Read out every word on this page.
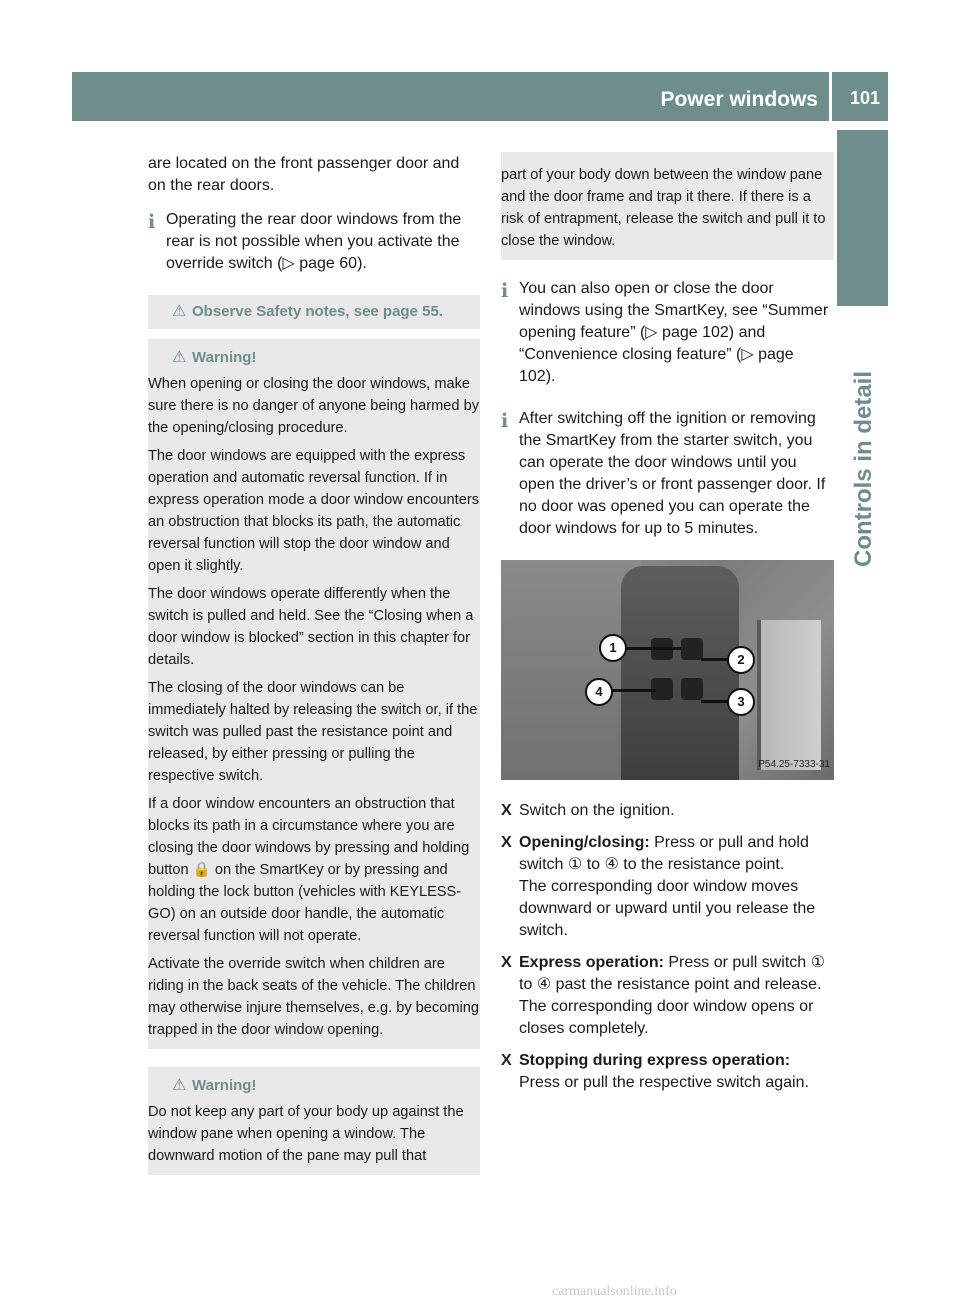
Power windows 101
Controls in detail

are located on the front passenger door and on the rear doors.

i Operating the rear door windows from the rear is not possible when you activate the override switch (▷ page 60).

⚠ Observe Safety notes, see page 55.
⚠ Warning!

When opening or closing the door windows, make sure there is no danger of anyone being harmed by the opening/closing procedure.

The door windows are equipped with the express operation and automatic reversal function. If in express operation mode a door window encounters an obstruction that blocks its path, the automatic reversal function will stop the door window and open it slightly.

The door windows operate differently when the switch is pulled and held. See the “Closing when a door window is blocked” section in this chapter for details.

The closing of the door windows can be immediately halted by releasing the switch or, if the switch was pulled past the resistance point and released, by either pressing or pulling the respective switch.

If a door window encounters an obstruction that blocks its path in a circumstance where you are closing the door windows by pressing and holding button 🔒 on the SmartKey or by pressing and holding the lock button (vehicles with KEYLESS-GO) on an outside door handle, the automatic reversal function will not operate.

Activate the override switch when children are riding in the back seats of the vehicle. The children may otherwise injure themselves, e.g. by becoming trapped in the door window opening.

⚠ Warning!

Do not keep any part of your body up against the window pane when opening a window. The downward motion of the pane may pull that

part of your body down between the window pane and the door frame and trap it there. If there is a risk of entrapment, release the switch and pull it to close the window.

i You can also open or close the door windows using the SmartKey, see “Summer opening feature” (▷ page 102) and “Convenience closing feature” (▷ page 102).

i After switching off the ignition or removing the SmartKey from the starter switch, you can operate the door windows until you open the driver’s or front passenger door. If no door was opened you can operate the door windows for up to 5 minutes.

1
2
3
4
P54.25-7333-31
X Switch on the ignition.
X Opening/closing: Press or pull and hold switch ① to ④ to the resistance point.

The corresponding door window moves downward or upward until you release the switch.

X Express operation: Press or pull switch ① to ④ past the resistance point and release.

The corresponding door window opens or closes completely.

X Stopping during express operation: Press or pull the respective switch again.
carmanualsonline.info
